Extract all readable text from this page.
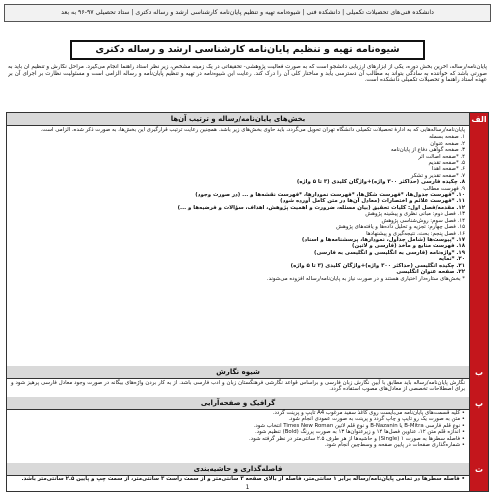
دانشکده فنی‌های تحصیلات تکمیلی | دانشکده فنی | شیوه‌نامه تهیه و تنظیم پایان‌نامه کارشناسی ارشد و رساله دکتری | ستاد تحصیلی ۹۷-۹۶ به بعد
شیوه‌نامه تهیه و تنظیم پایان‌نامه کارشناسی ارشد و رساله دکتری
پایان‌نامه/رساله، آخرین بخش دوره، یکی از ابزارهای ارزیابی دانشجو است که به صورت فعالیت پژوهشی- تحقیقاتی در یک زمینه مشخص، زیر نظر استاد راهنما انجام می‌گیرد. مراحل نگارش و تنظیم آن باید به صورتی باشد که خواننده به سادگی بتواند به مطالب آن دسترسی یابد و ساختار کلی آن را درک کند. رعایت این شیوه‌نامه در تهیه و تنظیم پایان‌نامه و رساله الزامی است و مسئولیت نظارت بر اجرای آن بر عهده استاد راهنما و تحصیلات تکمیلی دانشکده است.
الف
بخش‌های پایان‌نامه/رساله و ترتیب آن‌ها
پایان‌نامه/رساله‌هایی که به ادارهٔ تحصیلات تکمیلی دانشگاه تهران تحویل می‌گردد، باید حاوی بخش‌های زیر باشد. همچنین رعایت ترتیب قرارگیری این بخش‌ها، به صورت ذکر شده، الزامی است.
۱. صفحه بسمله
۲. صفحه عنوان
۳. صفحه گواهی دفاع از پایان‌نامه
۴. *صفحه اصالت اثر
۵. *صفحه تقدیم
۶. *صفحه اهدا
۷. *صفحه تقدیر و تشکر
۸. چکیده فارسی (حداکثر ۳۰۰ واژه)+واژگان کلیدی (۳ تا ۵ واژه)
۹. فهرست مطالب
۱۰. *فهرست جدول‌ها، *فهرست شکل‌ها، *فهرست نمودارها، *فهرست نقشه‌ها و ... (در صورت وجود)
۱۱. *فهرست علائم و اختصارات (معادل آن‌ها در متن کامل آورده شود)
۱۲. مقدمه/فصل اول: کلیات تحقیق (بیان مسئله، ضرورت و اهمیت پژوهش، اهداف، سؤالات و فرضیه‌ها و ...)
۱۳. فصل دوم: مبانی نظری و پیشینه پژوهش
۱۴. فصل سوم: روش‌شناسی پژوهش
۱۵. فصل چهارم: تجزیه و تحلیل داده‌ها و یافته‌های پژوهش
۱۶. فصل پنجم: بحث، نتیجه‌گیری و پیشنهادها
۱۷. *پیوست‌ها (شامل جداول، نمودارها، پرسشنامه‌ها و اسناد)
۱۸. فهرست منابع و مآخذ (فارسی و لاتین)
۱۹. *واژه‌نامه (فارسی به انگلیسی و انگلیسی به فارسی)
۲۰. *نمایه
۲۱. چکیده انگلیسی (حداکثر ۳۰۰ واژه)+واژگان کلیدی (۳ تا ۵ واژه)
۲۲. صفحه عنوان انگلیسی
* بخش‌های ستاره‌دار اختیاری هستند و در صورت نیاز به پایان‌نامه/رساله افزوده می‌شوند.
ب
شیوه نگارش
نگارش پایان‌نامه/رساله باید مطابق با آیین نگارش زبان فارسی و براساس قواعد نگارشی فرهنگستان زبان و ادب فارسی باشد. از به کار بردن واژه‌های بیگانه در صورت وجود معادل فارسی پرهیز شود و برای اصطلاحات تخصصی از معادل‌های مصوب استفاده گردد.
پ
گرافیک و صفحه‌آرایی
• کلیه قسمت‌های پایان‌نامه می‌بایست روی کاغذ سفید مرغوب A4 تایپ و پرینت گردد.
• متن به صورت یک رو تایپ و چاپ گردد و پرینت به صورت عمودی انجام شود.
• نوع قلم فارسی B-Mitra یا B-Nazanin و نوع قلم لاتین Times New Roman انتخاب شود.
• اندازه قلم متن ۱۲، عناوین فصل‌ها ۱۴ و زیرعنوان‌ها ۱۳ به صورت پررنگ (Bold) تنظیم شود.
• فاصله سطرها به صورت ۱ (Single) و حاشیه‌ها از هر طرف ۲.۵ سانتی‌متر در نظر گرفته شود.
• شماره‌گذاری صفحات در پایین صفحه و وسط‌چین انجام شود.
ت
فاصله‌گذاری و حاشیه‌بندی
• فاصله سطرها در تمامی پایان‌نامه/رساله برابر ۱ سانتی‌متر، فاصله از بالای صفحه ۳ سانتی‌متر و از سمت راست ۳ سانتی‌متر، از سمت چپ و پایین ۲.۵ سانتی‌متر باشد.
1
